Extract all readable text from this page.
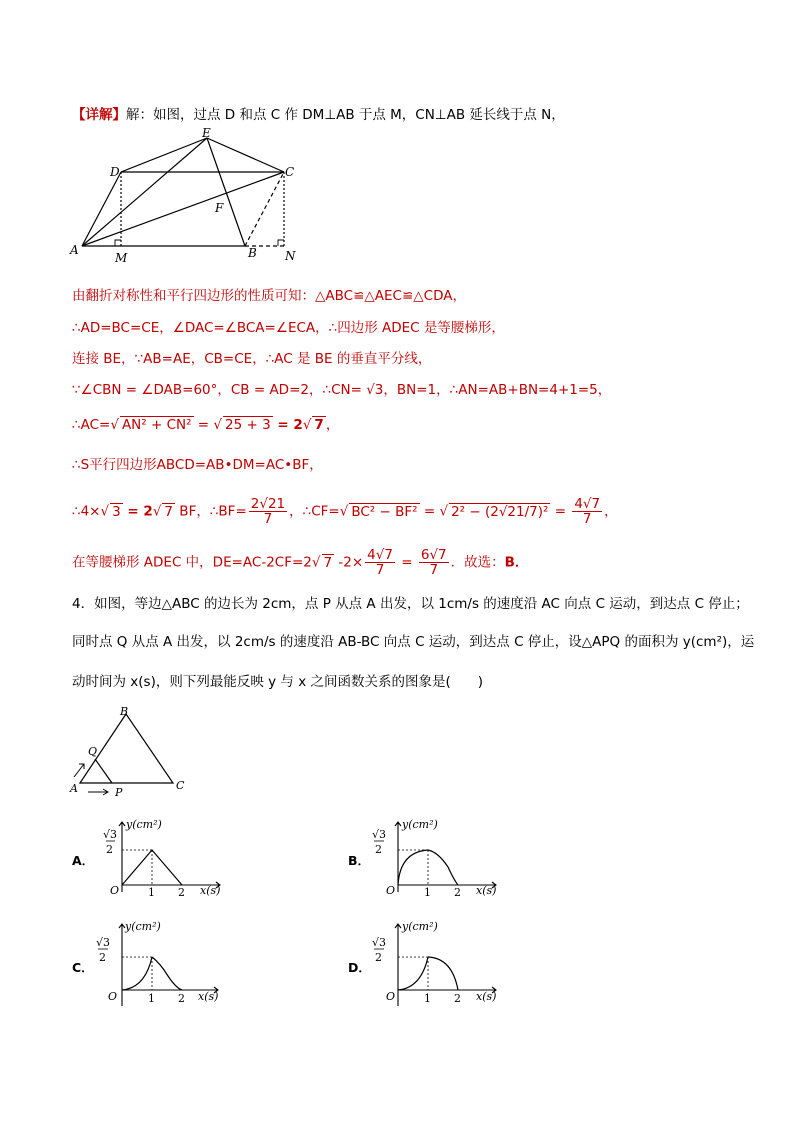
【详解】解：如图，过点 D 和点 C 作 DM⊥AB 于点 M，CN⊥AB 延长线于点 N，
A	B
C
D
E
F
M	N
由翻折对称性和平行四边形的性质可知：△ABC≌△AEC≌△CDA，
∴AD=BC=CE，∠DAC=∠BCA=∠ECA，∴四边形 ADEC 是等腰梯形，
连接 BE，∵AB=AE，CB=CE，∴AC 是 BE 的垂直平分线，
∵∠CBN = ∠DAB=60°，CB = AD=2，∴CN= √3，BN=1，∴AN=AB+BN=4+1=5，
∴AC=√ AN² + CN² = √ 25 + 3 = 2√ 7 ，
∴S平行四边形ABCD=AB•DM=AC•BF，
∴4×√ 3 = 2√ 7 BF，∴BF= $\frac{2√21}{7}$ ，∴CF=√ BC² − BF² = √ $2^2 - (2√21/7)^2 = \frac{4√7}{7}$ ，
在等腰梯形 ADEC 中，DE=AC-2CF=2√ 7 $-2\times \frac{4√7}{7} = \frac{6√7}{7}$ ．故选：B．
4．如图，等边△ABC 的边长为 2cm，点 P 从点 A 出发，以 1cm/s 的速度沿 AC 向点 C 运动，到达点 C 停止；
同时点 Q 从点 A 出发，以 2cm/s 的速度沿 AB-BC 向点 C 运动，到达点 C 停止，设△APQ 的面积为 y(cm²)，运
动时间为 x(s)，则下列最能反映 y 与 x 之间函数关系的图象是(　　)
A
B
C
P
Q
A．	B．
C．	D．
y(cm²)
x(s)
O	1 2
√3
2
y(cm²)
x(s)
O	1 2
√3
2
y(cm²)
x(s)
O	1 2
√3
2
y(cm²)
x(s)
O	1 2
√3
2
